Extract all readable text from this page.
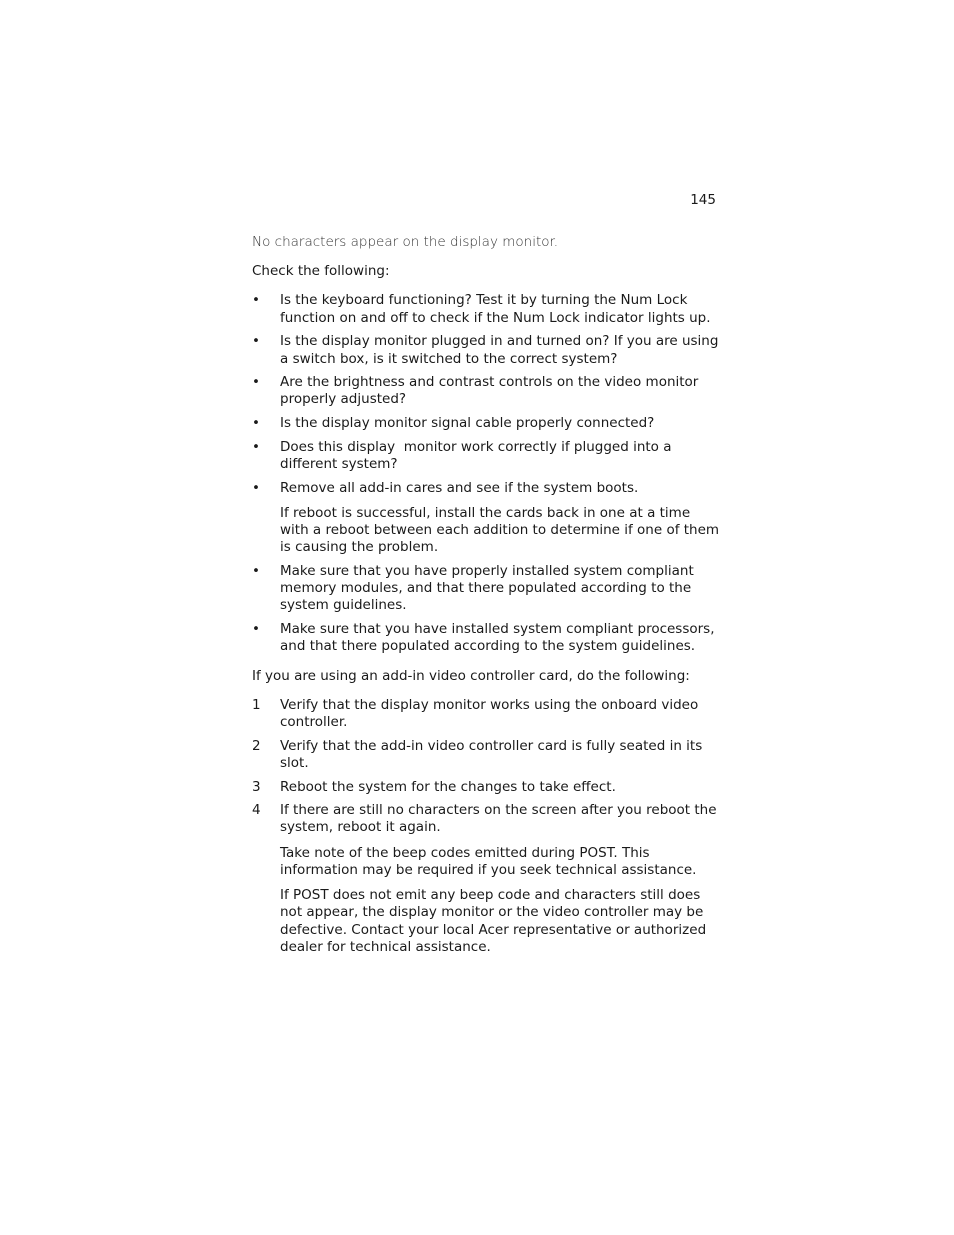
145

No characters appear on the display monitor.

Check the following:

•	Is the keyboard functioning? Test it by turning the Num Lock function on and off to check if the Num Lock indicator lights up.
•	Is the display monitor plugged in and turned on? If you are using a switch box, is it switched to the correct system?
•	Are the brightness and contrast controls on the video monitor properly adjusted?
•	Is the display monitor signal cable properly connected?
•	Does this display  monitor work correctly if plugged into a different system?
•	Remove all add-in cares and see if the system boots.

If reboot is successful, install the cards back in one at a time with a reboot between each addition to determine if one of them is causing the problem.

•	Make sure that you have properly installed system compliant memory modules, and that there populated according to the system guidelines.
•	Make sure that you have installed system compliant processors, and that there populated according to the system guidelines.

If you are using an add-in video controller card, do the following:

1	Verify that the display monitor works using the onboard video controller.
2	Verify that the add-in video controller card is fully seated in its slot.
3	Reboot the system for the changes to take effect.
4	If there are still no characters on the screen after you reboot the system, reboot it again.

Take note of the beep codes emitted during POST. This information may be required if you seek technical assistance.

If POST does not emit any beep code and characters still does not appear, the display monitor or the video controller may be defective. Contact your local Acer representative or authorized dealer for technical assistance.
